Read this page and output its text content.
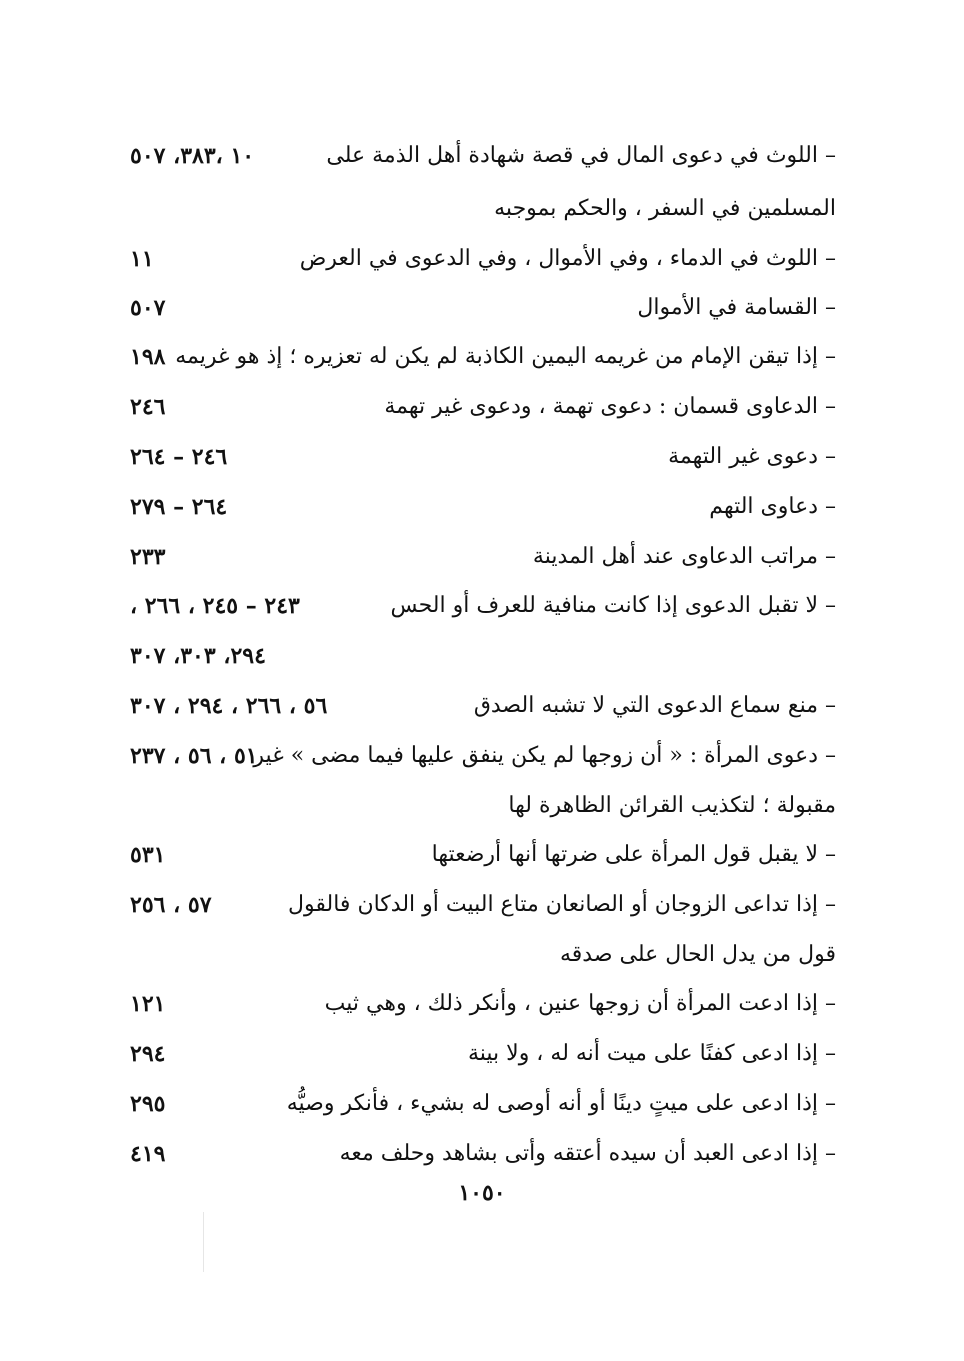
– اللوث في دعوى المال في قصة شهادة أهل الذمة على
١٠ ،٣٨٣، ٥٠٧
المسلمين في السفر ، والحكم بموجبه
– اللوث في الدماء ، وفي الأموال ، وفي الدعوى في العرض
١١
– القسامة في الأموال
٥٠٧
– إذا تيقن الإمام من غريمه اليمين الكاذبة لم يكن له تعزيره ؛ إذ هو غريمه
١٩٨
– الدعاوى قسمان : دعوى تهمة ، ودعوى غير تهمة
٢٤٦
– دعوى غير التهمة
٢٤٦ – ٢٦٤
– دعاوى التهم
٢٦٤ – ٢٧٩
– مراتب الدعاوى عند أهل المدينة
٢٣٣
– لا تقبل الدعوى إذا كانت منافية للعرف أو الحس
٢٤٣ – ٢٤٥ ، ٢٦٦ ،
٢٩٤، ٣٠٣، ٣٠٧
– منع سماع الدعوى التي لا تشبه الصدق
٥٦ ، ٢٦٦ ، ٢٩٤ ، ٣٠٧
– دعوى المرأة : « أن زوجها لم يكن ينفق عليها فيما مضى » غير
٥١ ، ٥٦ ، ٢٣٧
مقبولة ؛ لتكذيب القرائن الظاهرة لها
– لا يقبل قول المرأة على ضرتها أنها أرضعتها
٥٣١
– إذا تداعى الزوجان أو الصانعان متاع البيت أو الدكان فالقول
٥٧ ، ٢٥٦
قول من يدل الحال على صدقه
– إذا ادعت المرأة أن زوجها عنين ، وأنكر ذلك ، وهي ثيب
١٢١
– إذا ادعى كفنًا على ميت أنه له ، ولا بينة
٢٩٤
– إذا ادعى على ميتٍ دينًا أو أنه أوصى له بشيء ، فأنكر وصيُّه
٢٩٥
– إذا ادعى العبد أن سيده أعتقه وأتى بشاهد وحلف معه
٤١٩
١٠٥٠
